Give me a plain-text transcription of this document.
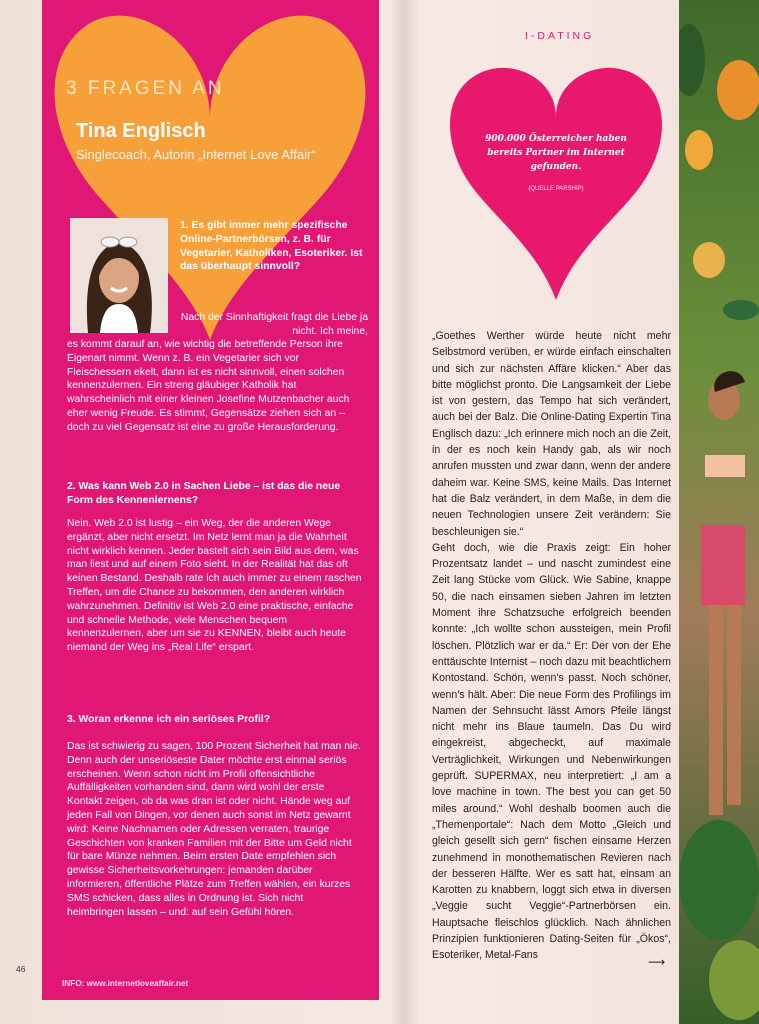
3 FRAGEN AN
Tina Englisch
Singlecoach, Autorin „Internet Love Affair“
1. Es gibt immer mehr spezifische Online-Partnerbörsen, z. B. für Vegetarier, Katholiken, Esoteriker. Ist das überhaupt sinnvoll?
Nach der Sinnhaftigkeit fragt die Liebe ja nicht. Ich meine,
es kommt darauf an, wie wichtig die betreffende Person ihre Eigenart nimmt. Wenn z. B. ein Vegetarier sich vor Fleischessern ekelt, dann ist es nicht sinnvoll, einen solchen kennenzulernen. Ein streng gläubiger Katholik hat wahrscheinlich mit einer kleinen Josefine Mutzenbacher auch eher wenig Freude. Es stimmt, Gegensätze ziehen sich an – doch zu viel Gegensatz ist eine zu große Herausforderung.
2. Was kann Web 2.0 in Sachen Liebe – ist das die neue Form des Kennenlernens?
Nein. Web 2.0 ist lustig – ein Weg, der die anderen Wege ergänzt, aber nicht ersetzt. Im Netz lernt man ja die Wahrheit nicht wirklich kennen. Jeder bastelt sich sein Bild aus dem, was man liest und auf einem Foto sieht. In der Realität hat das oft keinen Bestand. Deshalb rate ich auch immer zu einem raschen Treffen, um die Chance zu bekommen, den anderen wirklich wahrzunehmen. Definitiv ist Web 2.0 eine praktische, einfache und schnelle Methode, viele Menschen bequem kennenzulernen, aber um sie zu KENNEN, bleibt auch heute niemand der Weg ins „Real Life“ erspart.
3. Woran erkenne ich ein seriöses Profil?
Das ist schwierig zu sagen, 100 Prozent Sicherheit hat man nie. Denn auch der unseriöseste Dater möchte erst einmal seriös erscheinen. Wenn schon nicht im Profil offensichtliche Auffälligkeiten vorhanden sind, dann wird wohl der erste Kontakt zeigen, ob da was dran ist oder nicht. Hände weg auf jeden Fall von Dingen, vor denen auch sonst im Netz gewarnt wird: Keine Nachnamen oder Adressen verraten, traurige Geschichten von kranken Familien mit der Bitte um Geld nicht für bare Münze nehmen. Beim ersten Date empfehlen sich gewisse Sicherheitsvorkehrungen: jemanden darüber informieren, öffentliche Plätze zum Treffen wählen, ein kurzes SMS schicken, dass alles in Ordnung ist. Sich nicht heimbringen lassen – und: auf sein Gefühl hören.
INFO: www.internetloveaffair.net
46
I-DATING
900.000 Österreicher haben bereits Partner im Internet gefunden.
(QUELLE PARSHIP)

„Goethes Werther würde heute nicht mehr Selbstmord verüben, er würde einfach einschalten und sich zur nächsten Affäre klicken.“ Aber das bitte möglichst pronto. Die Langsamkeit der Liebe ist von gestern, das Tempo hat sich verändert, auch bei der Balz. Die Online-Dating Expertin Tina Englisch dazu: „Ich erinnere mich noch an die Zeit, in der es noch kein Handy gab, als wir noch anrufen mussten und zwar dann, wenn der andere daheim war. Keine SMS, keine Mails. Das Internet hat die Balz verändert, in dem Maße, in dem die neuen Technologien unsere Zeit verändern: Sie beschleunigen sie.“

Geht doch, wie die Praxis zeigt: Ein hoher Prozentsatz landet – und nascht zumindest eine Zeit lang Stücke vom Glück. Wie Sabine, knappe 50, die nach einsamen sieben Jahren im letzten Moment ihre Schatzsuche erfolgreich beenden konnte: „Ich wollte schon aussteigen, mein Profil löschen. Plötzlich war er da.“ Er: Der von der Ehe enttäuschte Internist – noch dazu mit beachtlichem Kontostand. Schön, wenn's passt. Noch schöner, wenn's hält. Aber: Die neue Form des Profilings im Namen der Sehnsucht lässt Amors Pfeile längst nicht mehr ins Blaue taumeln. Das Du wird eingekreist, abgecheckt, auf maximale Verträglichkeit, Wirkungen und Nebenwirkungen geprüft. SUPERMAX, neu interpretiert: „I am a love machine in town. The best you can get 50 miles around.“ Wohl deshalb boomen auch die „Themenportale“: Nach dem Motto „Gleich und gleich gesellt sich gern“ fischen einsame Herzen zunehmend in monothematischen Revieren nach der besseren Hälfte. Wer es satt hat, einsam an Karotten zu knabbern, loggt sich etwa in diversen „Veggie sucht Veggie“-Partnerbörsen ein. Hauptsache fleischlos glücklich. Nach ähnlichen Prinzipien funktionieren Dating-Seiten für „Ökos“, Esoteriker, Metal-Fans	⟶
